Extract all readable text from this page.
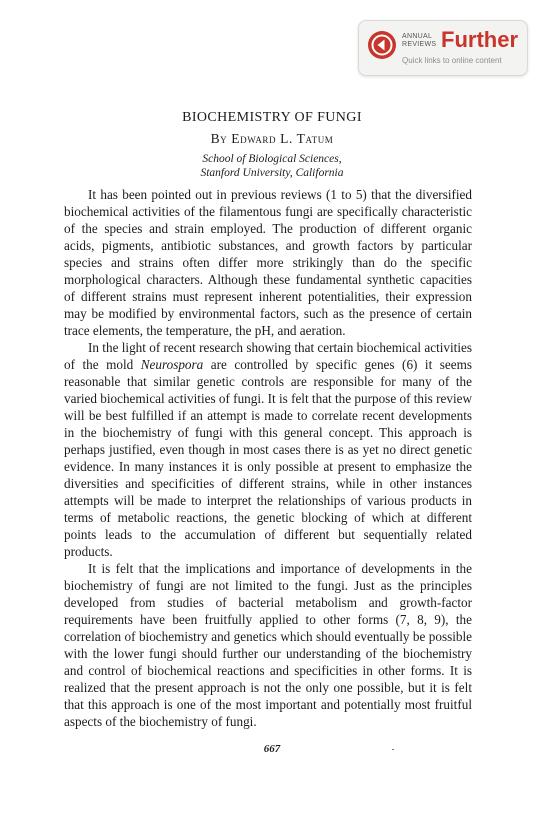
ANNUAL
REVIEWS Further
Quick links to online content
BIOCHEMISTRY OF FUNGI
By Edward L. Tatum
School of Biological Sciences,
Stanford University, California

It has been pointed out in previous reviews (1 to 5) that the diversified biochemical activities of the filamentous fungi are specifically characteristic of the species and strain employed. The production of different organic acids, pigments, antibiotic substances, and growth factors by particular species and strains often differ more strikingly than do the specific morphological characters. Although these fundamental synthetic capacities of different strains must represent inherent potentialities, their expression may be modified by environmental factors, such as the presence of certain trace elements, the temperature, the pH, and aeration.

In the light of recent research showing that certain biochemical activities of the mold Neurospora are controlled by specific genes (6) it seems reasonable that similar genetic controls are responsible for many of the varied biochemical activities of fungi. It is felt that the purpose of this review will be best fulfilled if an attempt is made to correlate recent developments in the biochemistry of fungi with this general concept. This approach is perhaps justified, even though in most cases there is as yet no direct genetic evidence. In many instances it is only possible at present to emphasize the diversities and specificities of different strains, while in other instances attempts will be made to interpret the relationships of various products in terms of metabolic reactions, the genetic blocking of which at different points leads to the accumulation of different but sequentially related products.

It is felt that the implications and importance of developments in the biochemistry of fungi are not limited to the fungi. Just as the principles developed from studies of bacterial metabolism and growth-factor requirements have been fruitfully applied to other forms (7, 8, 9), the correlation of biochemistry and genetics which should eventually be possible with the lower fungi should further our understanding of the biochemistry and control of biochemical reactions and specificities in other forms. It is realized that the present approach is not the only one possible, but it is felt that this approach is one of the most important and potentially most fruitful aspects of the biochemistry of fungi.

667
